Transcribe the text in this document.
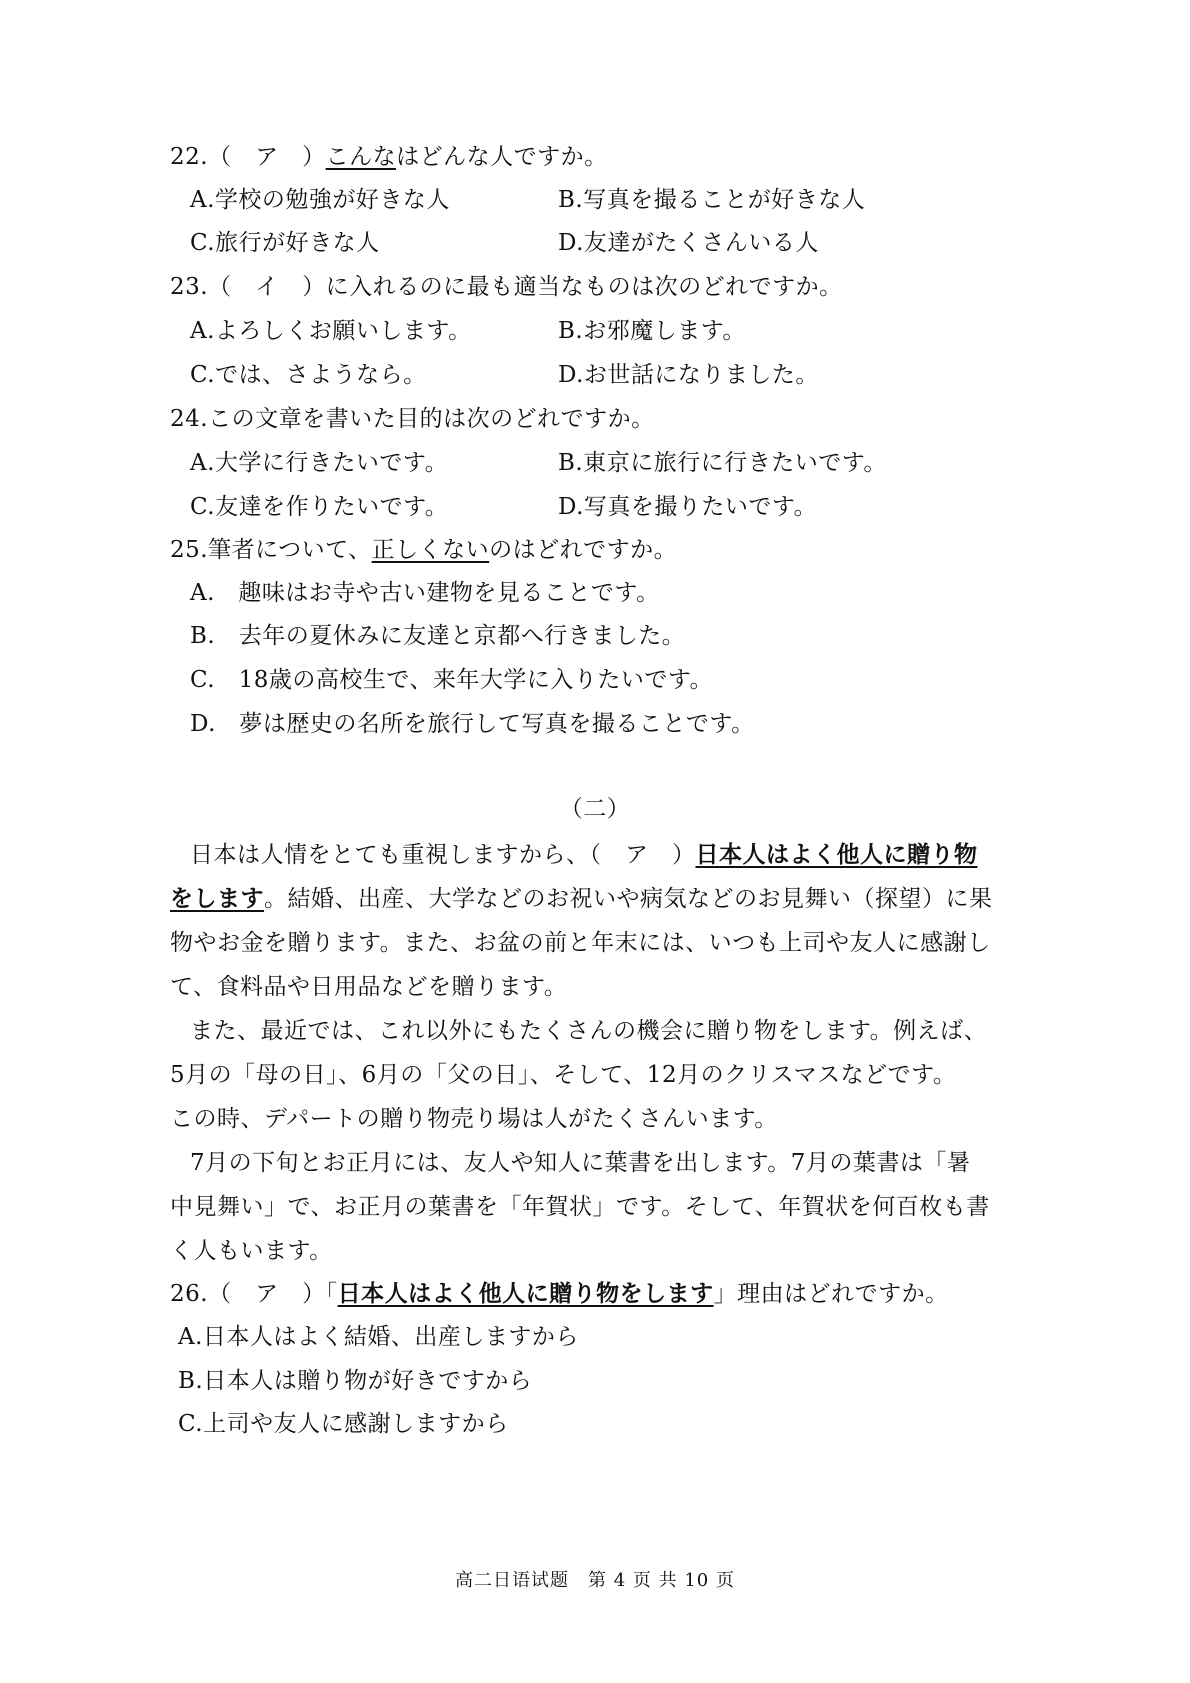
22.（　ア　）こんなはどんな人ですか。
A.学校の勉強が好きな人	B.写真を撮ることが好きな人
C.旅行が好きな人	D.友達がたくさんいる人
23.（　イ　）に入れるのに最も適当なものは次のどれですか。
A.よろしくお願いします。	B.お邪魔します。
C.では、さようなら。	D.お世話になりました。
24.この文章を書いた目的は次のどれですか。
A.大学に行きたいです。	B.東京に旅行に行きたいです。
C.友達を作りたいです。	D.写真を撮りたいです。
25.筆者について、正しくないのはどれですか。
A.　趣味はお寺や古い建物を見ることです。
B.　去年の夏休みに友達と京都へ行きました。
C.　18歳の高校生で、来年大学に入りたいです。
D.　夢は歴史の名所を旅行して写真を撮ることです。
（二）
日本は人情をとても重視しますから、（　ア　）日本人はよく他人に贈り物
をします。結婚、出産、大学などのお祝いや病気などのお見舞い（探望）に果
物やお金を贈ります。また、お盆の前と年末には、いつも上司や友人に感謝し
て、食料品や日用品などを贈ります。
また、最近では、これ以外にもたくさんの機会に贈り物をします。例えば、
5月の「母の日」、6月の「父の日」、そして、12月のクリスマスなどです。
この時、デパートの贈り物売り場は人がたくさんいます。
7月の下旬とお正月には、友人や知人に葉書を出します。7月の葉書は「暑
中見舞い」で、お正月の葉書を「年賀状」です。そして、年賀状を何百枚も書
く人もいます。
26.（　ア　）「日本人はよく他人に贈り物をします」理由はどれですか。
A.日本人はよく結婚、出産しますから
B.日本人は贈り物が好きですから
C.上司や友人に感謝しますから
高二日语试题　第 4 页 共 10 页
